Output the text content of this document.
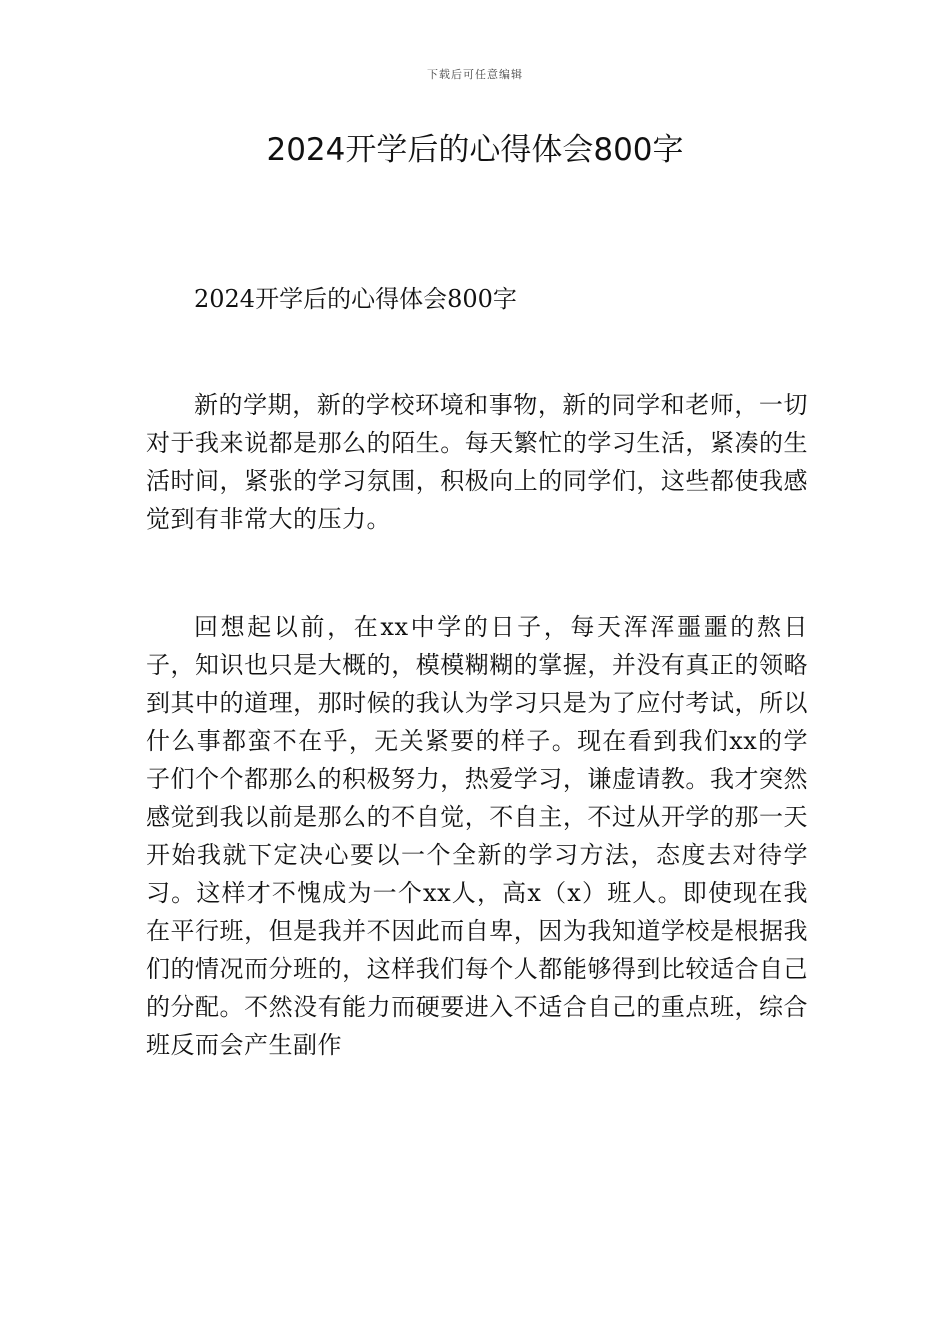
下载后可任意编辑
2024开学后的心得体会800字

2024开学后的心得体会800字

新的学期，新的学校环境和事物，新的同学和老师，一切对于我来说都是那么的陌生。每天繁忙的学习生活，紧凑的生活时间，紧张的学习氛围，积极向上的同学们，这些都使我感觉到有非常大的压力。

回想起以前，在xx中学的日子，每天浑浑噩噩的熬日子，知识也只是大概的，模模糊糊的掌握，并没有真正的领略到其中的道理，那时候的我认为学习只是为了应付考试，所以什么事都蛮不在乎，无关紧要的样子。现在看到我们xx的学子们个个都那么的积极努力，热爱学习，谦虚请教。我才突然感觉到我以前是那么的不自觉，不自主，不过从开学的那一天开始我就下定决心要以一个全新的学习方法，态度去对待学习。这样才不愧成为一个xx人，高x（x）班人。即使现在我在平行班，但是我并不因此而自卑，因为我知道学校是根据我们的情况而分班的，这样我们每个人都能够得到比较适合自己的分配。不然没有能力而硬要进入不适合自己的重点班，综合班反而会产生副作
